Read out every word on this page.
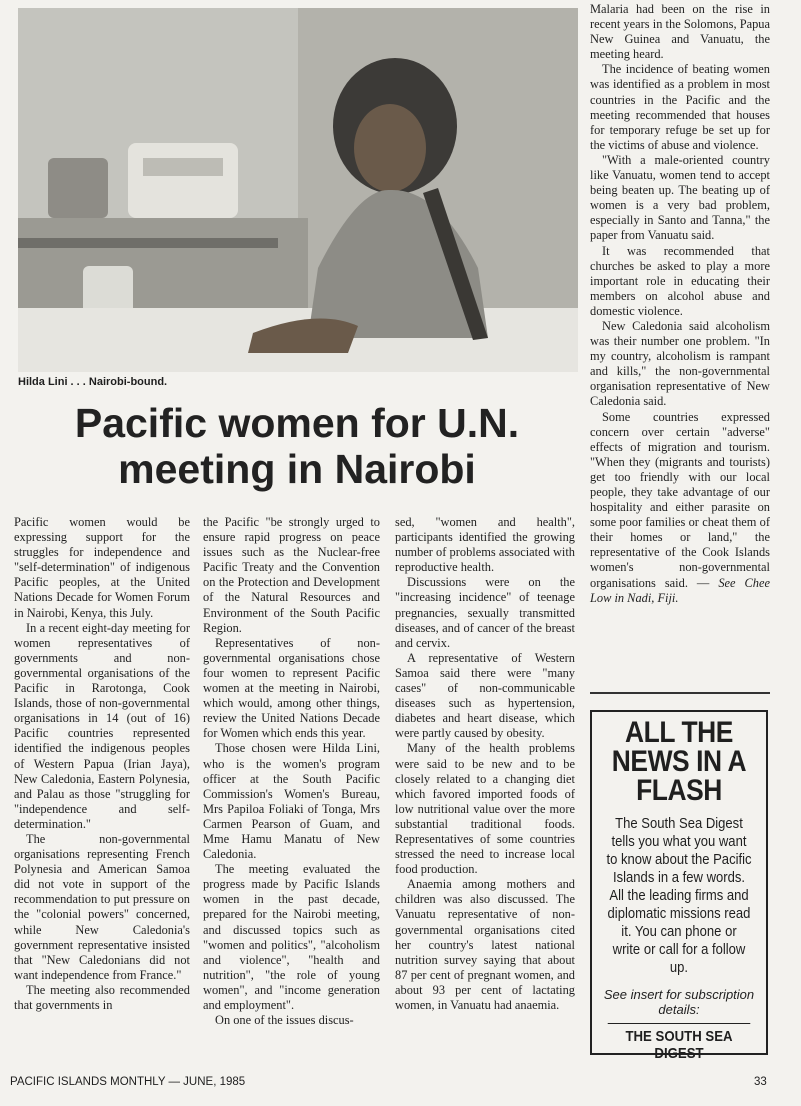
Hilda Lini . . . Nairobi-bound.
Pacific women for U.N. meeting in Nairobi

Pacific women would be expressing support for the struggles for independence and "self-determination" of indigenous Pacific peoples, at the United Nations Decade for Women Forum in Nairobi, Kenya, this July.

In a recent eight-day meeting for women representatives of governments and non-governmental organisations of the Pacific in Rarotonga, Cook Islands, those of non-governmental organisations in 14 (out of 16) Pacific countries represented identified the indigenous peoples of Western Papua (Irian Jaya), New Caledonia, Eastern Polynesia, and Palau as those "struggling for "independence and self-determination."

The non-governmental organisations representing French Polynesia and American Samoa did not vote in support of the recommendation to put pressure on the "colonial powers" concerned, while New Caledonia's government representative insisted that "New Caledonians did not want independence from France."

The meeting also recommended that governments in

the Pacific "be strongly urged to ensure rapid progress on peace issues such as the Nuclear-free Pacific Treaty and the Convention on the Protection and Development of the Natural Resources and Environment of the South Pacific Region.

Representatives of non-governmental organisations chose four women to represent Pacific women at the meeting in Nairobi, which would, among other things, review the United Nations Decade for Women which ends this year.

Those chosen were Hilda Lini, who is the women's program officer at the South Pacific Commission's Women's Bureau, Mrs Papiloa Foliaki of Tonga, Mrs Carmen Pearson of Guam, and Mme Hamu Manatu of New Caledonia.

The meeting evaluated the progress made by Pacific Islands women in the past decade, prepared for the Nairobi meeting, and discussed topics such as "women and politics", "alcoholism and violence", "health and nutrition", "the role of young women", and "income generation and employment".

On one of the issues discus-

sed, "women and health", participants identified the growing number of problems associated with reproductive health.

Discussions were on the "increasing incidence" of teenage pregnancies, sexually transmitted diseases, and of cancer of the breast and cervix.

A representative of Western Samoa said there were "many cases" of non-communicable diseases such as hypertension, diabetes and heart disease, which were partly caused by obesity.

Many of the health problems were said to be new and to be closely related to a changing diet which favored imported foods of low nutritional value over the more substantial traditional foods. Representatives of some countries stressed the need to increase local food production.

Anaemia among mothers and children was also discussed. The Vanuatu representative of non-governmental organisations cited her country's latest national nutrition survey saying that about 87 per cent of pregnant women, and about 93 per cent of lactating women, in Vanuatu had anaemia.

Malaria had been on the rise in recent years in the Solomons, Papua New Guinea and Vanuatu, the meeting heard.

The incidence of beating women was identified as a problem in most countries in the Pacific and the meeting recommended that houses for temporary refuge be set up for the victims of abuse and violence.

"With a male-oriented country like Vanuatu, women tend to accept being beaten up. The beating up of women is a very bad problem, especially in Santo and Tanna," the paper from Vanuatu said.

It was recommended that churches be asked to play a more important role in educating their members on alcohol abuse and domestic violence.

New Caledonia said alcoholism was their number one problem. "In my country, alcoholism is rampant and kills," the non-governmental organisation representative of New Caledonia said.

Some countries expressed concern over certain "adverse" effects of migration and tourism. "When they (migrants and tourists) get too friendly with our local people, they take advantage of our hospitality and either parasite on some poor families or cheat them of their homes or land," the representative of the Cook Islands women's non-governmental organisations said. — See Chee Low in Nadi, Fiji.

ALL THE NEWS IN A FLASH
The South Sea Digest tells you what you want to know about the Pacific Islands in a few words. All the leading firms and diplomatic missions read it. You can phone or write or call for a follow up.
See insert for subscription details:
THE SOUTH SEA DIGEST
PACIFIC ISLANDS MONTHLY — JUNE, 1985	33
